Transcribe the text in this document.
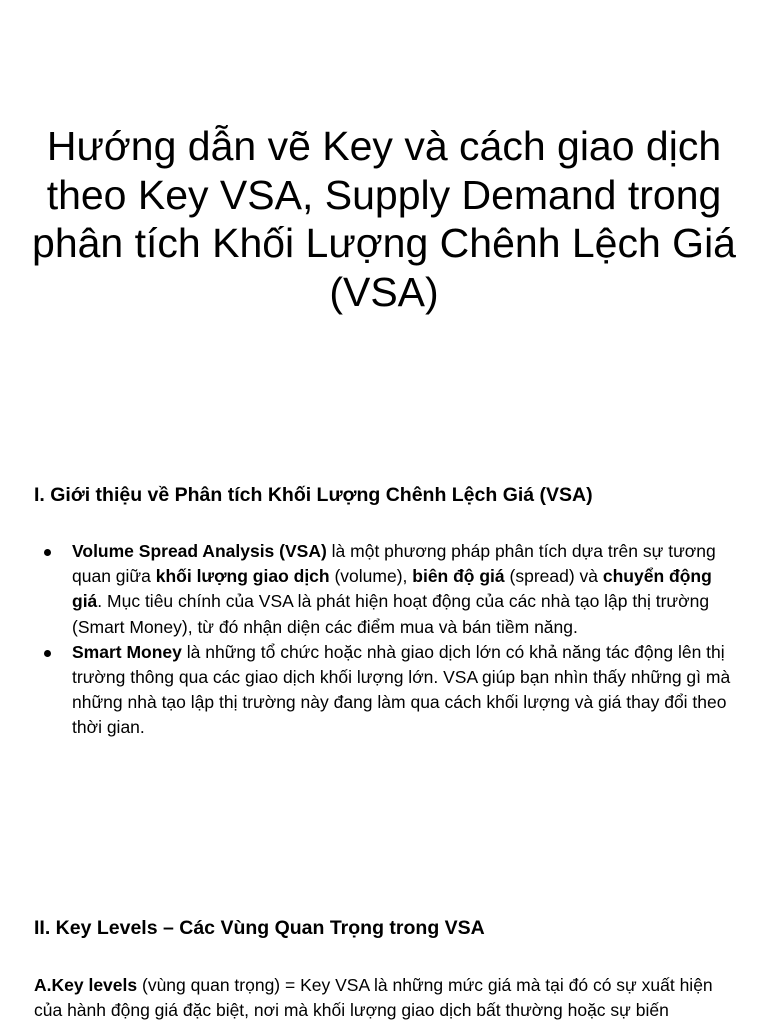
Hướng dẫn vẽ Key và cách giao dịch theo Key VSA, Supply Demand trong phân tích Khối Lượng Chênh Lệch Giá (VSA)
I. Giới thiệu về Phân tích Khối Lượng Chênh Lệch Giá (VSA)
Volume Spread Analysis (VSA) là một phương pháp phân tích dựa trên sự tương quan giữa khối lượng giao dịch (volume), biên độ giá (spread) và chuyển động giá. Mục tiêu chính của VSA là phát hiện hoạt động của các nhà tạo lập thị trường (Smart Money), từ đó nhận diện các điểm mua và bán tiềm năng.
Smart Money là những tổ chức hoặc nhà giao dịch lớn có khả năng tác động lên thị trường thông qua các giao dịch khối lượng lớn. VSA giúp bạn nhìn thấy những gì mà những nhà tạo lập thị trường này đang làm qua cách khối lượng và giá thay đổi theo thời gian.
II. Key Levels – Các Vùng Quan Trọng trong VSA

A.Key levels (vùng quan trọng) = Key VSA là những mức giá mà tại đó có sự xuất hiện của hành động giá đặc biệt, nơi mà khối lượng giao dịch bất thường hoặc sự biến
